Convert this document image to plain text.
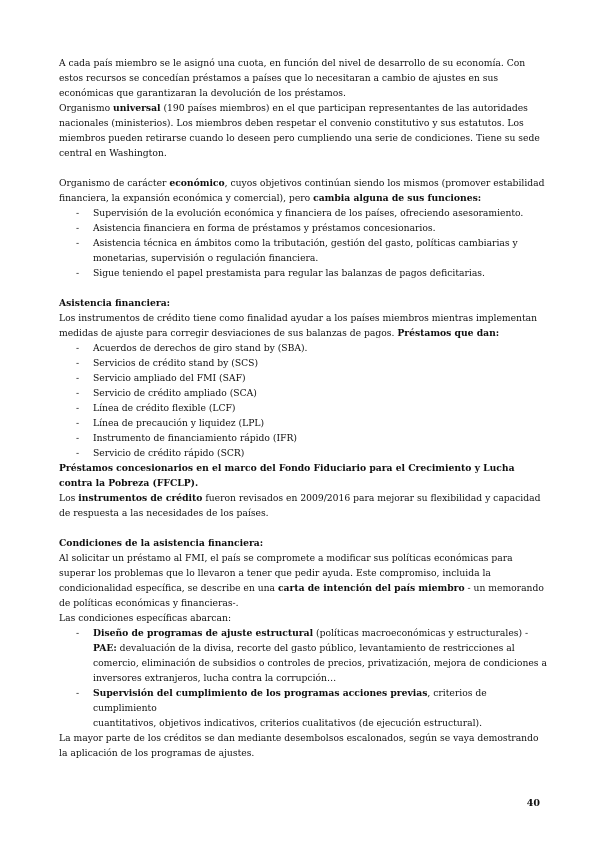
A cada país miembro se le asignó una cuota, en función del nivel de desarrollo de su economía. Con estos recursos se concedían préstamos a países que lo necesitaran a cambio de ajustes en sus económicas que garantizaran la devolución de los préstamos.

Organismo universal (190 países miembros) en el que participan representantes de las autoridades nacionales (ministerios). Los miembros deben respetar el convenio constitutivo y sus estatutos. Los miembros pueden retirarse cuando lo deseen pero cumpliendo una serie de condiciones. Tiene su sede central en Washington.

Organismo de carácter económico, cuyos objetivos continúan siendo los mismos (promover estabilidad financiera, la expansión económica y comercial), pero cambia alguna de sus funciones:

- Supervisión de la evolución económica y financiera de los países, ofreciendo asesoramiento.
- Asistencia financiera en forma de préstamos y préstamos concesionarios.
- Asistencia técnica en ámbitos como la tributación, gestión del gasto, políticas cambiarias y monetarias, supervisión o regulación financiera.
- Sigue teniendo el papel prestamista para regular las balanzas de pagos deficitarias.

Asistencia financiera:

Los instrumentos de crédito tiene como finalidad ayudar a los países miembros mientras implementan medidas de ajuste para corregir desviaciones de sus balanzas de pagos. Préstamos que dan:

- Acuerdos de derechos de giro stand by (SBA).
- Servicios de crédito stand by (SCS)
- Servicio ampliado del FMI (SAF)
- Servicio de crédito ampliado (SCA)
- Línea de crédito flexible (LCF)
- Línea de precaución y liquidez (LPL)
- Instrumento de financiamiento rápido (IFR)
- Servicio de crédito rápido (SCR)

Préstamos concesionarios en el marco del Fondo Fiduciario para el Crecimiento y Lucha contra la Pobreza (FFCLP).

Los instrumentos de crédito fueron revisados en 2009/2016 para mejorar su flexibilidad y capacidad de respuesta a las necesidades de los países.

Condiciones de la asistencia financiera:

Al solicitar un préstamo al FMI, el país se compromete a modificar sus políticas económicas para superar los problemas que lo llevaron a tener que pedir ayuda. Este compromiso, incluida la condicionalidad específica, se describe en una carta de intención del país miembro - un memorando de políticas económicas y financieras-.

Las condiciones específicas abarcan:

- Diseño de programas de ajuste estructural (políticas macroeconómicas y estructurales) - PAE: devaluación de la divisa, recorte del gasto público, levantamiento de restricciones al comercio, eliminación de subsidios o controles de precios, privatización, mejora de condiciones a inversores extranjeros, lucha contra la corrupción…
- Supervisión del cumplimiento de los programas acciones previas, criterios de cumplimiento

cuantitativos, objetivos indicativos, criterios cualitativos (de ejecución estructural).

La mayor parte de los créditos se dan mediante desembolsos escalonados, según se vaya demostrando la aplicación de los programas de ajustes.

40
